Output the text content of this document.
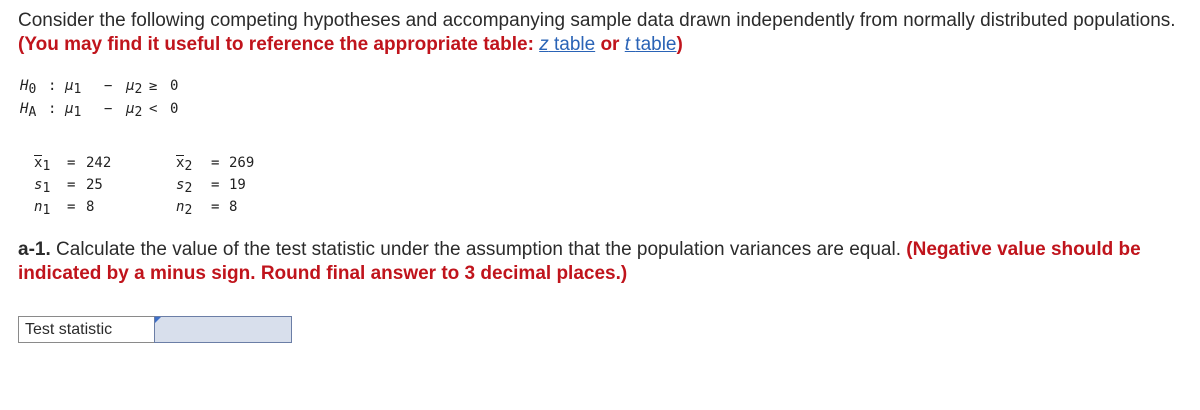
Consider the following competing hypotheses and accompanying sample data drawn independently from normally distributed populations. (You may find it useful to reference the appropriate table: z table or t table)
$H_0$ : $\mu_1 - \mu_2 \ge 0$
$H_A$ : $\mu_1 - \mu_2 < 0$
$x_1 = 242$
$s_1 = 25$
$n_1 = 8$
$x_2 = 269$
$s_2 = 19$
$n_2 = 8$
a-1. Calculate the value of the test statistic under the assumption that the population variances are equal. (Negative value should be indicated by a minus sign. Round final answer to 3 decimal places.)
Test statistic
